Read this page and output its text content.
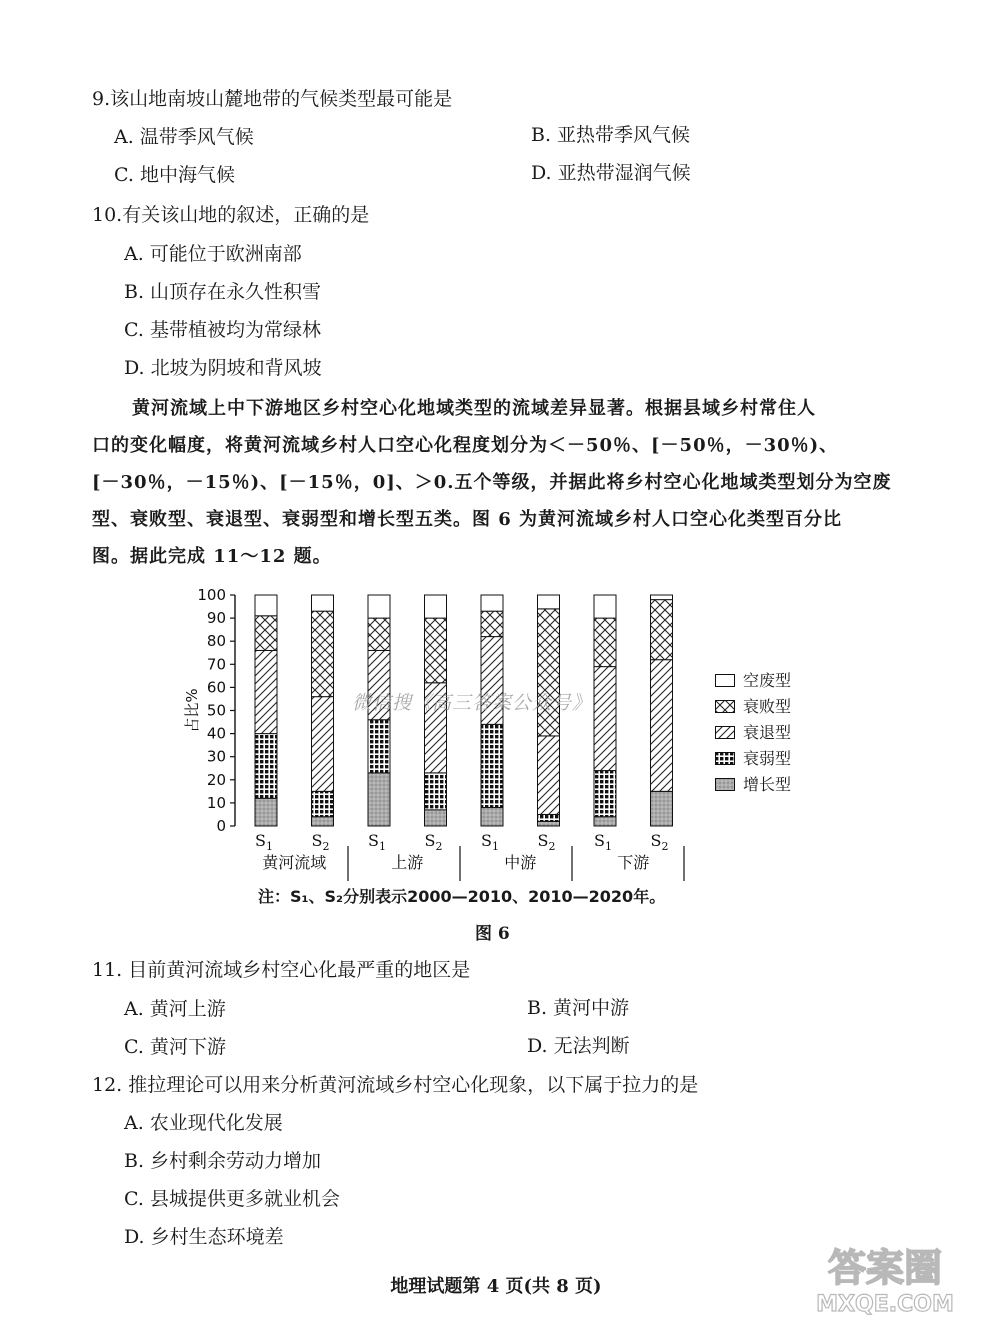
9.该山地南坡山麓地带的气候类型最可能是
A. 温带季风气候	B. 亚热带季风气候
C. 地中海气候	D. 亚热带湿润气候
10.有关该山地的叙述，正确的是
A. 可能位于欧洲南部
B. 山顶存在永久性积雪
C. 基带植被均为常绿林
D. 北坡为阴坡和背风坡
黄河流域上中下游地区乡村空心化地域类型的流域差异显著。根据县域乡村常住人
口的变化幅度，将黄河流域乡村人口空心化程度划分为＜－50％、[－50％，－30％)、
[－30％，－15％)、[－15％，0]、＞0.五个等级，并据此将乡村空心化地域类型划分为空废
型、衰败型、衰退型、衰弱型和增长型五类。图 6 为黄河流域乡村人口空心化类型百分比
图。据此完成 11～12 题。
0
10
20
30
40
50
60
70
80
90
100
占比%
$S_1$ $S_2$ $S_1$ $S_2$ $S_1$ $S_2$ $S_1$ $S_2$
黄河流域	上游	中游	下游
空废型
衰败型
衰退型
衰弱型
增长型
微信搜《高三答案公众号》
注：S₁、S₂分别表示2000—2010、2010—2020年。
图 6
11. 目前黄河流域乡村空心化最严重的地区是
A. 黄河上游	B. 黄河中游
C. 黄河下游	D. 无法判断
12. 推拉理论可以用来分析黄河流域乡村空心化现象，以下属于拉力的是
A. 农业现代化发展
B. 乡村剩余劳动力增加
C. 县城提供更多就业机会
D. 乡村生态环境差
地理试题第 4 页(共 8 页)	答案圈
MXQE.COM
